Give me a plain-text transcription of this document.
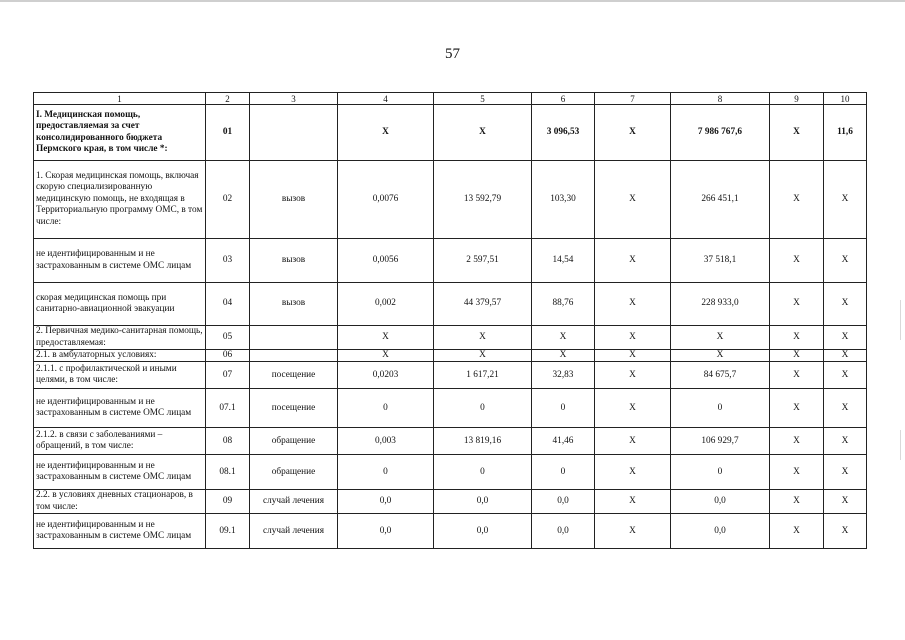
57
1	2	3	4	5	6	7	8	9	10
I. Медицинская помощь, предоставляемая за счет консолидированного бюджета Пермского края, в том числе *:	01		X	X	3 096,53	X	7 986 767,6	X	11,6
1. Скорая медицинская помощь, включая скорую специализированную медицинскую помощь, не входящая в Территориальную программу ОМС, в том числе:	02	вызов	0,0076	13 592,79	103,30	X	266 451,1	X	X
не идентифицированным и не застрахованным в системе ОМС лицам	03	вызов	0,0056	2 597,51	14,54	X	37 518,1	X	X
скорая медицинская помощь при санитарно-авиационной эвакуации	04	вызов	0,002	44 379,57	88,76	X	228 933,0	X	X
2. Первичная медико-санитарная помощь, предоставляемая:	05		X	X	X	X	X	X	X
2.1. в амбулаторных условиях:	06		X	X	X	X	X	X	X
2.1.1. с профилактической и иными целями, в том числе:	07	посещение	0,0203	1 617,21	32,83	X	84 675,7	X	X
не идентифицированным и не застрахованным в системе ОМС лицам	07.1	посещение	0	0	0	X	0	X	X
2.1.2. в связи с заболеваниями – обращений, в том числе:	08	обращение	0,003	13 819,16	41,46	X	106 929,7	X	X
не идентифицированным и не застрахованным в системе ОМС лицам	08.1	обращение	0	0	0	X	0	X	X
2.2. в условиях дневных стационаров, в том числе:	09	случай лечения	0,0	0,0	0,0	X	0,0	X	X
не идентифицированным и не застрахованным в системе ОМС лицам	09.1	случай лечения	0,0	0,0	0,0	X	0,0	X	X
